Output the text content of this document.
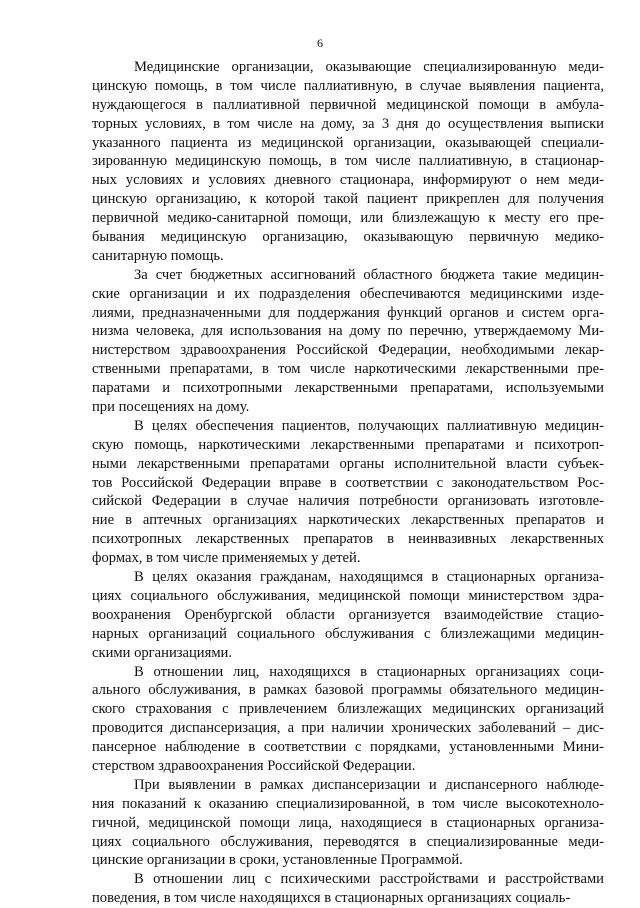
6
Медицинские организации, оказывающие специализированную меди-
цинскую помощь, в том числе паллиативную, в случае выявления пациента,
нуждающегося в паллиативной первичной медицинской помощи в амбула-
торных условиях, в том числе на дому, за 3 дня до осуществления выписки
указанного пациента из медицинской организации, оказывающей специали-
зированную медицинскую помощь, в том числе паллиативную, в стационар-
ных условиях и условиях дневного стационара, информируют о нем меди-
цинскую организацию, к которой такой пациент прикреплен для получения
первичной медико-санитарной помощи, или близлежащую к месту его пре-
бывания медицинскую организацию, оказывающую первичную медико-
санитарную помощь.
За счет бюджетных ассигнований областного бюджета такие медицин-
ские организации и их подразделения обеспечиваются медицинскими изде-
лиями, предназначенными для поддержания функций органов и систем орга-
низма человека, для использования на дому по перечню, утверждаемому Ми-
нистерством здравоохранения Российской Федерации, необходимыми лекар-
ственными препаратами, в том числе наркотическими лекарственными пре-
паратами и психотропными лекарственными препаратами, используемыми
при посещениях на дому.
В целях обеспечения пациентов, получающих паллиативную медицин-
скую помощь, наркотическими лекарственными препаратами и психотроп-
ными лекарственными препаратами органы исполнительной власти субъек-
тов Российской Федерации вправе в соответствии с законодательством Рос-
сийской Федерации в случае наличия потребности организовать изготовле-
ние в аптечных организациях наркотических лекарственных препаратов и
психотропных лекарственных препаратов в неинвазивных лекарственных
формах, в том числе применяемых у детей.
В целях оказания гражданам, находящимся в стационарных организа-
циях социального обслуживания, медицинской помощи министерством здра-
воохранения Оренбургской области организуется взаимодействие стацио-
нарных организаций социального обслуживания с близлежащими медицин-
скими организациями.
В отношении лиц, находящихся в стационарных организациях соци-
ального обслуживания, в рамках базовой программы обязательного медицин-
ского страхования с привлечением близлежащих медицинских организаций
проводится диспансеризация, а при наличии хронических заболеваний – дис-
пансерное наблюдение в соответствии с порядками, установленными Мини-
стерством здравоохранения Российской Федерации.
При выявлении в рамках диспансеризации и диспансерного наблюде-
ния показаний к оказанию специализированной, в том числе высокотехноло-
гичной, медицинской помощи лица, находящиеся в стационарных организа-
циях социального обслуживания, переводятся в специализированные меди-
цинские организации в сроки, установленные Программой.
В отношении лиц с психическими расстройствами и расстройствами
поведения, в том числе находящихся в стационарных организациях социаль-
